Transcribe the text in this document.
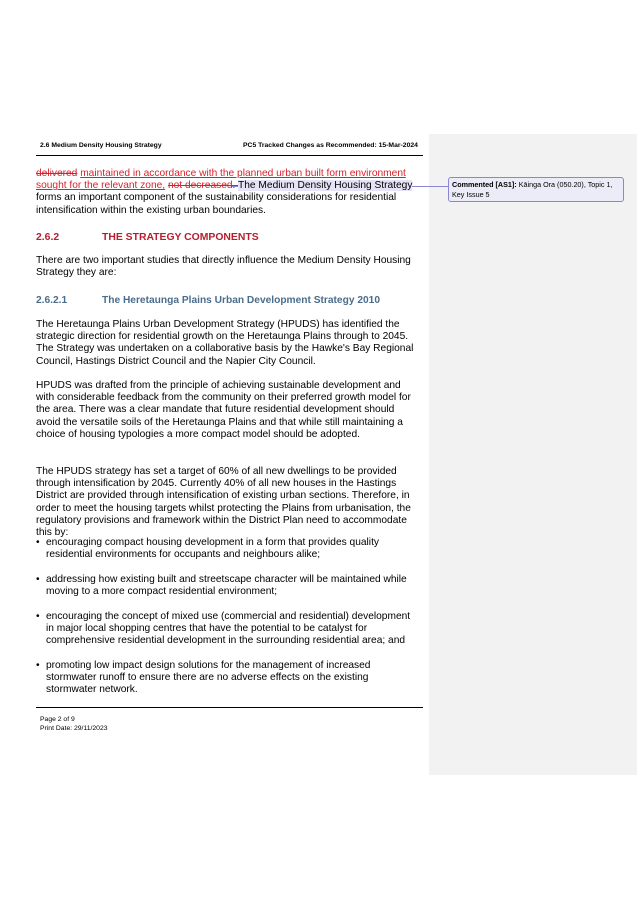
Commented [AS1]: Kāinga Ora (050.20), Topic 1, Key Issue 5
2.6 Medium Density Housing Strategy	PC5 Tracked Changes as Recommended: 15-Mar-2024
delivered maintained in accordance with the planned urban built form environment sought for the relevant zone, not decreased. The Medium Density Housing Strategy forms an important component of the sustainability considerations for residential intensification within the existing urban boundaries.
2.6.2	THE STRATEGY COMPONENTS
There are two important studies that directly influence the Medium Density Housing Strategy they are:
2.6.2.1	The Heretaunga Plains Urban Development Strategy 2010
The Heretaunga Plains Urban Development Strategy (HPUDS) has identified the strategic direction for residential growth on the Heretaunga Plains through to 2045. The Strategy was undertaken on a collaborative basis by the Hawke's Bay Regional Council, Hastings District Council and the Napier City Council.
HPUDS was drafted from the principle of achieving sustainable development and with considerable feedback from the community on their preferred growth model for the area. There was a clear mandate that future residential development should avoid the versatile soils of the Heretaunga Plains and that while still maintaining a choice of housing typologies a more compact model should be adopted.
The HPUDS strategy has set a target of 60% of all new dwellings to be provided through intensification by 2045. Currently 40% of all new houses in the Hastings District are provided through intensification of existing urban sections. Therefore, in order to meet the housing targets whilst protecting the Plains from urbanisation, the regulatory provisions and framework within the District Plan need to accommodate this by:
• encouraging compact housing development in a form that provides quality residential environments for occupants and neighbours alike;
• addressing how existing built and streetscape character will be maintained while moving to a more compact residential environment;
• encouraging the concept of mixed use (commercial and residential) development in major local shopping centres that have the potential to be catalyst for comprehensive residential development in the surrounding residential area; and
• promoting low impact design solutions for the management of increased stormwater runoff to ensure there are no adverse effects on the existing stormwater network.
Page 2 of 9
Print Date: 29/11/2023
